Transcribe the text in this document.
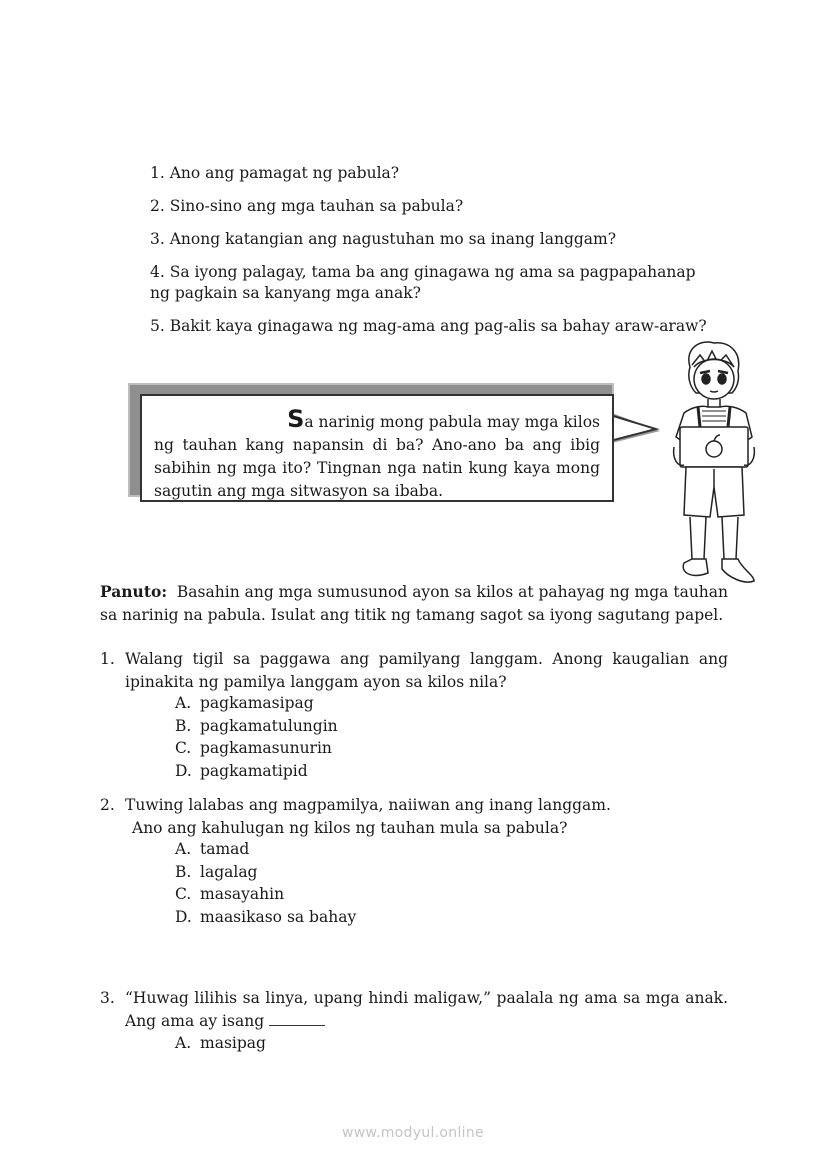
1. Ano ang pamagat ng pabula?
2. Sino-sino ang mga tauhan sa pabula?
3. Anong katangian ang nagustuhan mo sa inang langgam?
4. Sa iyong palagay, tama ba ang ginagawa ng ama sa pagpapahanap
ng pagkain sa kanyang mga anak?
5. Bakit kaya ginagawa ng mag-ama ang pag-alis sa bahay araw-araw?
Sa narinig mong pabula may mga kilos
ng tauhan kang napansin di ba? Ano-ano ba ang ibig sabihin ng mga ito? Tingnan nga natin kung kaya mong sagutin ang mga sitwasyon sa ibaba.
Panuto: Basahin ang mga sumusunod ayon sa kilos at pahayag ng mga tauhan sa narinig na pabula. Isulat ang titik ng tamang sagot sa iyong sagutang papel.
1. Walang tigil sa paggawa ang pamilyang langgam. Anong kaugalian ang ipinakita ng pamilya langgam ayon sa kilos nila?
A. pagkamasipag
B. pagkamatulungin
C. pagkamasunurin
D. pagkamatipid
2. Tuwing lalabas ang magpamilya, naiiwan ang inang langgam.
Ano ang kahulugan ng kilos ng tauhan mula sa pabula?
A. tamad
B. lagalag
C. masayahin
D. maasikaso sa bahay
3. “Huwag lilihis sa linya, upang hindi maligaw,” paalala ng ama sa mga anak. Ang ama ay isang
A. masipag
www.modyul.online
